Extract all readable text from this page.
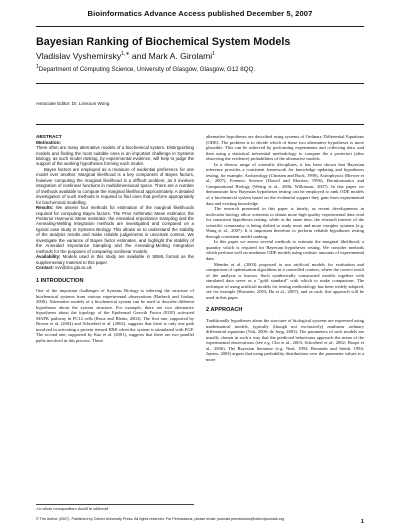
Bioinformatics Advance Access published December 5, 2007
Bayesian Ranking of Biochemical System Models
Vladislav Vyshemirsky$^{1,∗}$ and Mark A. Girolami$^1$
$^1$Department of Computing Science, University of Glasgow, Glasgow, G12 8QQ.
Associate Editor: Dr. Limsoon Wong
ABSTRACT
Motivation:

There often are many alternative models of a biochemical system. Distinguishing models and finding the most suitable ones is an important challenge in Systems Biology, as such model ranking, by experimental evidence, will help to judge the support of the working hypotheses forming each model.

Bayes factors are employed as a measure of evidential preference for one model over another. Marginal likelihood is a key component of Bayes factors, however computing the marginal likelihood is a difficult problem, as it involves integration of nonlinear functions in multidimensional space. There are a number of methods available to compute the marginal likelihood approximately. A detailed investigation of such methods is required to find ones that perform appropriately for biochemical modelling.

Results: We assess four methods for estimation of the marginal likelihoods required for computing Bayes factors. The Prior Arithmetic Mean estimator, the Posterior Harmonic Mean estimator, the Annealed Importance Sampling and the Annealing-Melting Integration methods are investigated and compared on a typical case study in Systems Biology. This allows us to understand the stability of the analysis results and make reliable judgements in uncertain context. We investigate the variance of Bayes factor estimates, and highlight the stability of the Annealed Importance Sampling and the Annealing-Melting Integration methods for the purposes of comparing nonlinear models.

Availability: Models used in this study are available in SBML format as the supplementary material to this paper.

Contact: vvv@dcs.gla.ac.uk

1 INTRODUCTION

One of the important challenges of Systems Biology is inferring the structure of biochemical systems from various experimental observations (Barbeck and Jordan, 2006). Alternative models of a biochemical system can be used to describe different hypotheses about the system structure. For example, there are two alternative hypotheses about the topology of the Epidermal Growth Factor (EGF) activated MAPK pathway in PC12 cells (Roux and Blenis, 2004). The first one, supported by Brown et al. (2004) and Schoeberl et al. (2002), suggests that there is only one path involved in activating a protein termed ERK when the system is stimulated with EGF. The second one, supported by Kao et al. (2001), suggests that there are two parallel paths involved in this process. These

alternative hypotheses are described using systems of Ordinary Differential Equations (ODE). The problem is to decide which of these two alternative hypotheses is more plausible. This can be achieved by performing experiments and collecting data, and then using a statistical inferential methodology to compare the a posteriori (after observing the evidence) probabilities of the alternative models.

In a diverse range of scientific disciplines, it has been shown that Bayesian inference provides a consistent framework for knowledge updating and hypotheses testing, for example, Archaeology (Christen and Buck, 1998), Astrophysics (Brewer et al., 2007), Forensic Science (Dawid and Mortera, 1996), Bioinformatics and Computational Biology (Wettig et al., 2006; Wilkinson, 2007). In this paper we demonstrate how Bayesian hypotheses testing can be employed to rank ODE models of a biochemical system based on the evidential support they gain from experimental data and existing knowledge.

The research presented in this paper is timely, as recent developments in molecular biology allow scientists to obtain more high quality experimental data vital for consistent hypotheses testing, while at the same time, the research interest of the scientific community is being shifted to study more and more complex systems (e.g. Wang et al., 2007). It is important therefore to perform reliable hypotheses testing through consistent model ranking.

In this paper we assess several methods to estimate the marginal likelihood, a quantity which is required for Bayesian hypotheses testing. We consider methods which perform well on nonlinear ODE models using realistic amounts of experimental data.

Mendes et al. (2003) proposed to use artificial models for evaluation and comparison of optimisation algorithms in a controlled context, where the correct result of the analysis is known. Such synthetically constructed models together with simulated data serve as a "gold standard" with which to make comparison. The technique of using artificial models for testing methodology has been widely adopted, see for example (Hornette, 2003; Hu et al., 2007), and as such, this approach will be used in this paper.

2 APPROACH

Traditionally hypotheses about the structure of biological systems are expressed using mathematical models, typically (though not exclusively) nonlinear ordinary differential equations (Voit, 2000; de Jong, 2003). The parameters of such models are usually chosen in such a way that the predicted behaviours approach the mean of the experimental observations (see e.g. Cho et al., 2003; Schoeberl et al., 2002; Hoops et al., 2006). The Bayesian literature (e.g. Neal, 1993; Bernardo and Smith, 1994; Jaynes, 2003) argues that using probability distributions over the parameter values is a more

∗to whom correspondence should be addressed
© The Author (2007). Published by Oxford University Press. All rights reserved. For Permissions, please email: journals.permissions@oxfordjournals.org	1
